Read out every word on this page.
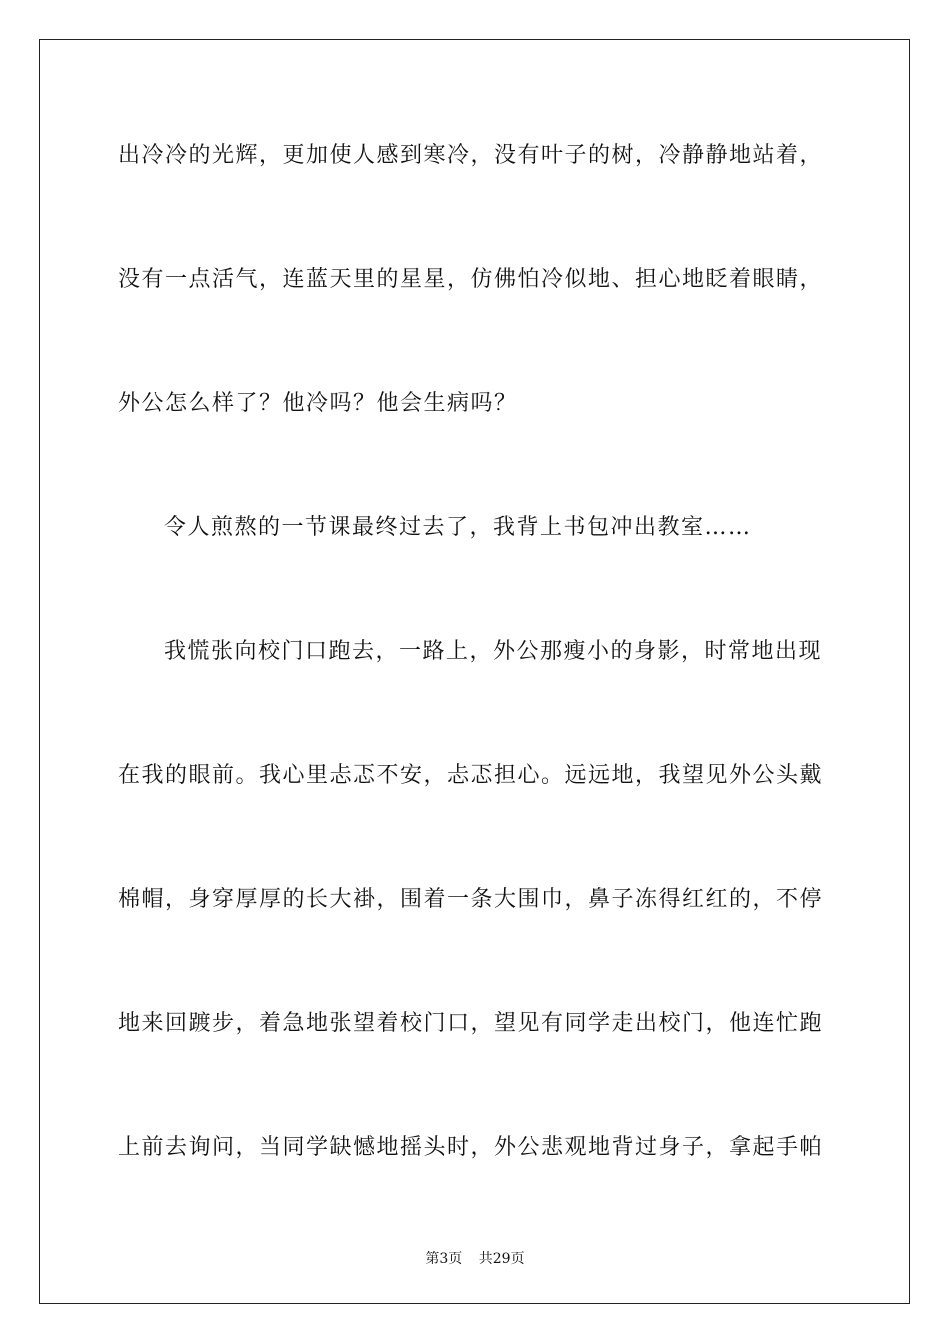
出冷冷的光辉，更加使人感到寒冷，没有叶子的树，冷静静地站着，
没有一点活气，连蓝天里的星星，仿佛怕冷似地、担心地眨着眼睛，
外公怎么样了？他冷吗？他会生病吗？
令人煎熬的一节课最终过去了，我背上书包冲出教室……
我慌张向校门口跑去，一路上，外公那瘦小的身影，时常地出现
在我的眼前。我心里忐忑不安，忐忑担心。远远地，我望见外公头戴
棉帽，身穿厚厚的长大褂，围着一条大围巾，鼻子冻得红红的，不停
地来回踱步，着急地张望着校门口，望见有同学走出校门，他连忙跑
上前去询问，当同学缺憾地摇头时，外公悲观地背过身子，拿起手帕
第3页 共29页
